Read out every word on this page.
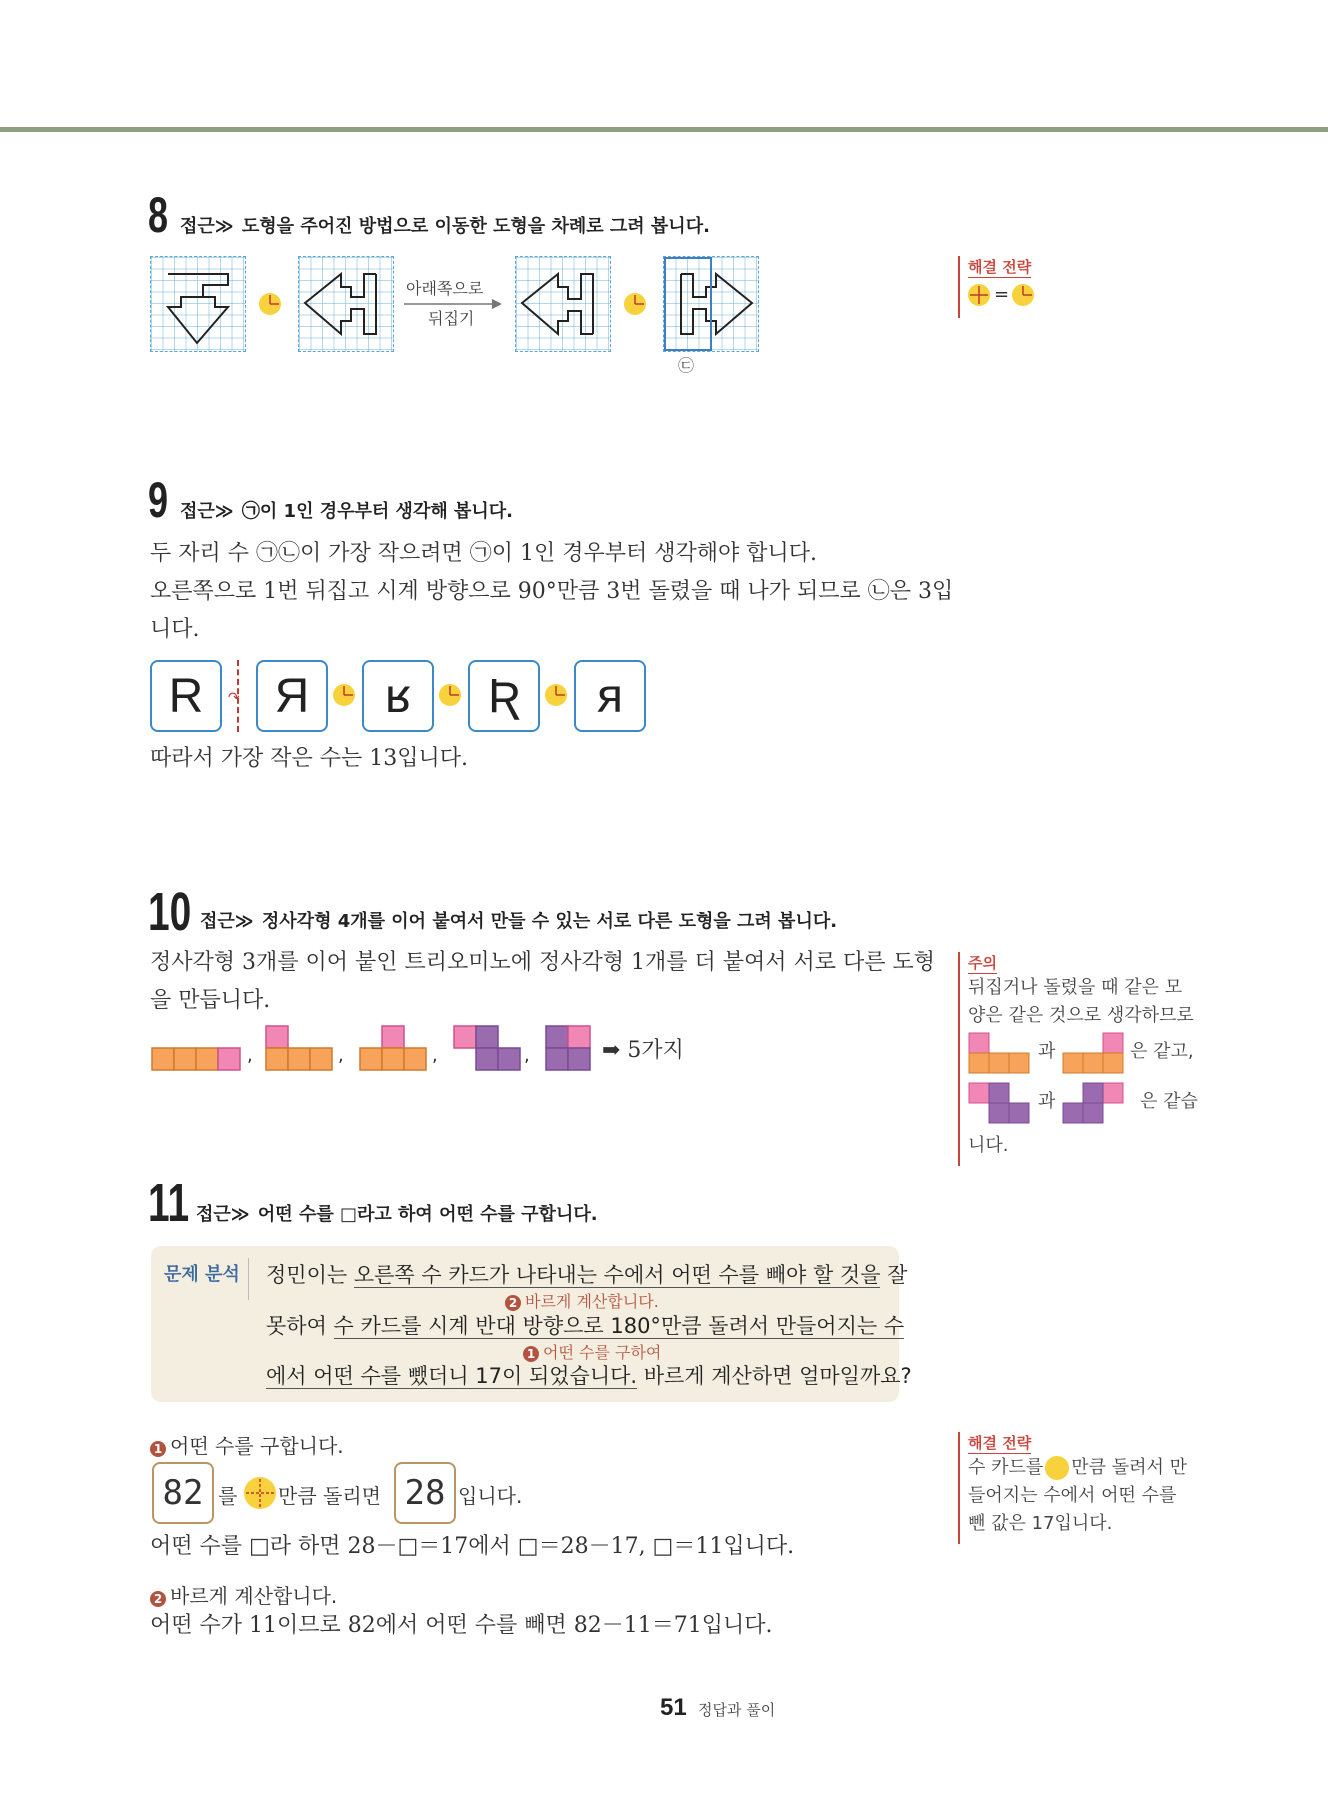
8 접근≫ 도형을 주어진 방법으로 이동한 도형을 차례로 그려 봅니다.
아래쪽으로
뒤집기
㉢
해결 전략
=
9 접근≫ ㉠이 1인 경우부터 생각해 봅니다.
두 자리 수 ㉠㉡이 가장 작으려면 ㉠이 1인 경우부터 생각해야 합니다.
오른쪽으로 1번 뒤집고 시계 방향으로 90°만큼 3번 돌렸을 때 나가 되므로 ㉡은 3입
니다.
R	↷ Я	ʁ	Ʀ	ᴙ
따라서 가장 작은 수는 13입니다.
10 접근≫ 정사각형 4개를 이어 붙여서 만들 수 있는 서로 다른 도형을 그려 봅니다.
정사각형 3개를 이어 붙인 트리오미노에 정사각형 1개를 더 붙여서 서로 다른 도형
을 만듭니다.
,	,	,	,	➡ 5가지
주의
뒤집거나 돌렸을 때 같은 모
양은 같은 것으로 생각하므로
과	은 같고,
과	은 같습
니다.
11 접근≫ 어떤 수를 □라고 하여 어떤 수를 구합니다.
문제 분석 정민이는 오른쪽 수 카드가 나타내는 수에서 어떤 수를 빼야 할 것을 잘
2 바르게 계산합니다.
못하여 수 카드를 시계 반대 방향으로 180°만큼 돌려서 만들어지는 수
1 어떤 수를 구하여
에서 어떤 수를 뺐더니 17이 되었습니다. 바르게 계산하면 얼마일까요?
1 어떤 수를 구합니다.
82 를 만큼 돌리면 28 입니다.
어떤 수를 □라 하면 28－□＝17에서 □＝28－17, □＝11입니다.
2 바르게 계산합니다.
어떤 수가 11이므로 82에서 어떤 수를 빼면 82－11＝71입니다.
해결 전략
수 카드를 만큼 돌려서 만
들어지는 수에서 어떤 수를
뺀 값은 17입니다.
51 정답과 풀이
